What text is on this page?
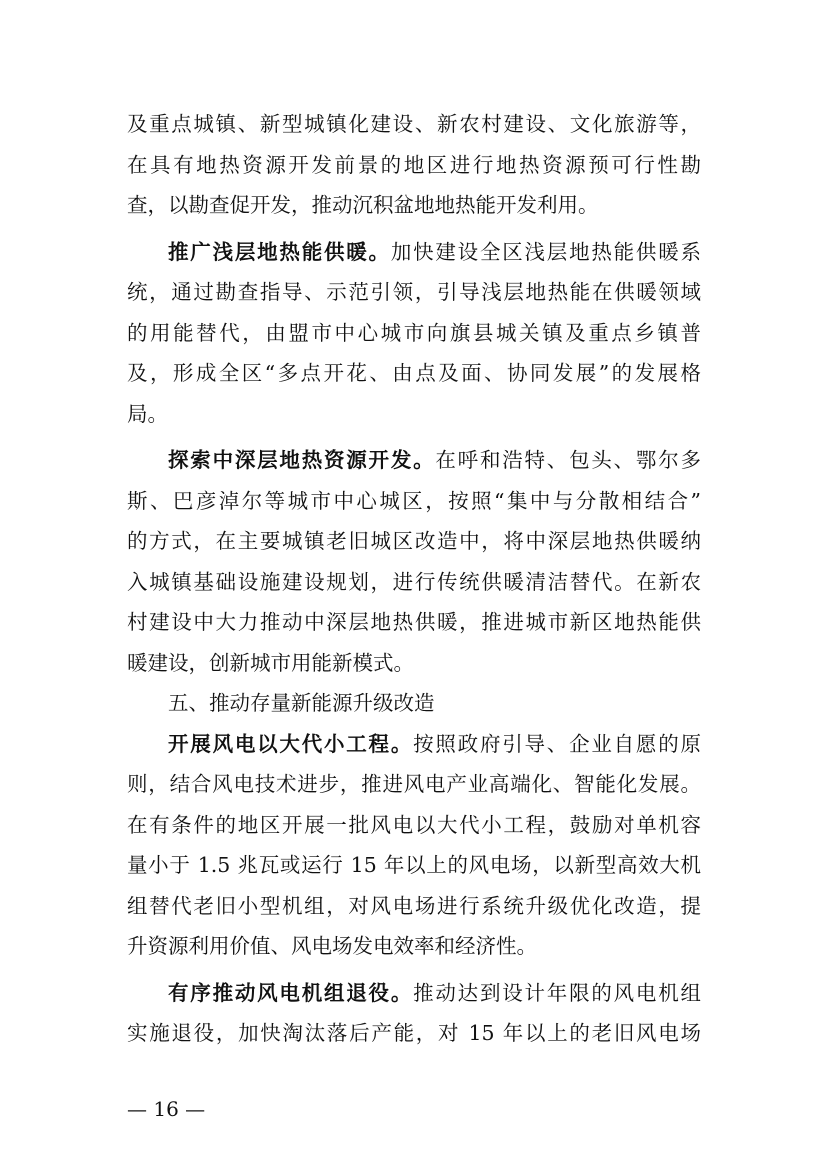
及重点城镇、新型城镇化建设、新农村建设、文化旅游等，
在具有地热资源开发前景的地区进行地热资源预可行性勘
查，以勘查促开发，推动沉积盆地地热能开发利用。
推广浅层地热能供暖。加快建设全区浅层地热能供暖系
统，通过勘查指导、示范引领，引导浅层地热能在供暖领域
的用能替代，由盟市中心城市向旗县城关镇及重点乡镇普
及，形成全区“多点开花、由点及面、协同发展”的发展格
局。
探索中深层地热资源开发。在呼和浩特、包头、鄂尔多
斯、巴彦淖尔等城市中心城区，按照“集中与分散相结合”
的方式，在主要城镇老旧城区改造中，将中深层地热供暖纳
入城镇基础设施建设规划，进行传统供暖清洁替代。在新农
村建设中大力推动中深层地热供暖，推进城市新区地热能供
暖建设，创新城市用能新模式。
五、推动存量新能源升级改造
开展风电以大代小工程。按照政府引导、企业自愿的原
则，结合风电技术进步，推进风电产业高端化、智能化发展。
在有条件的地区开展一批风电以大代小工程，鼓励对单机容
量小于 1.5 兆瓦或运行 15 年以上的风电场，以新型高效大机
组替代老旧小型机组，对风电场进行系统升级优化改造，提
升资源利用价值、风电场发电效率和经济性。
有序推动风电机组退役。推动达到设计年限的风电机组
实施退役，加快淘汰落后产能，对 15 年以上的老旧风电场
— 16 —
